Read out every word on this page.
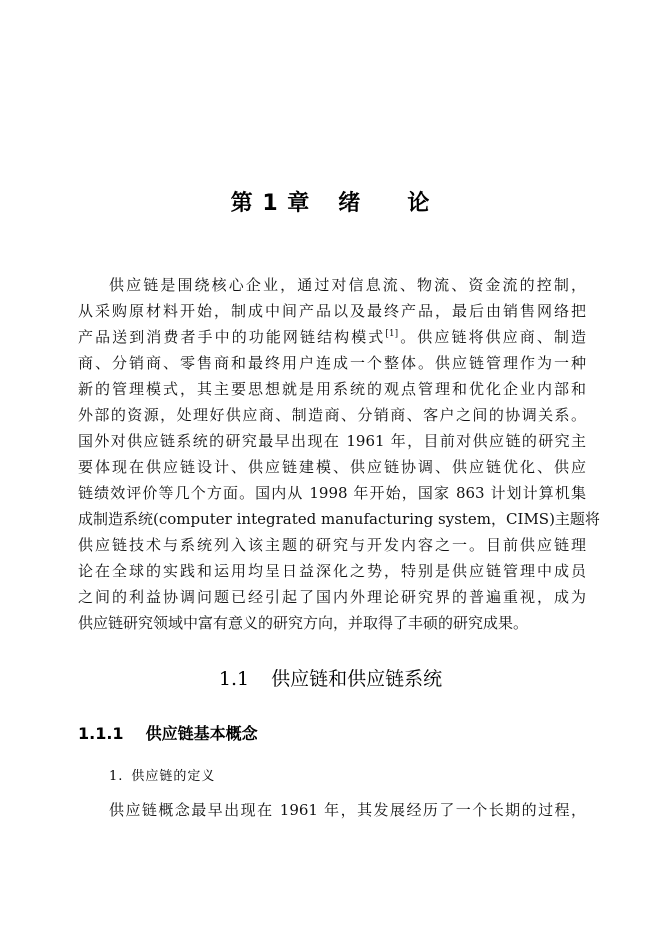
第 1 章 绪 论
供应链是围绕核心企业，通过对信息流、物流、资金流的控制，
从采购原材料开始，制成中间产品以及最终产品，最后由销售网络把
产品送到消费者手中的功能网链结构模式[1]。供应链将供应商、制造
商、分销商、零售商和最终用户连成一个整体。供应链管理作为一种
新的管理模式，其主要思想就是用系统的观点管理和优化企业内部和
外部的资源，处理好供应商、制造商、分销商、客户之间的协调关系。
国外对供应链系统的研究最早出现在 1961 年，目前对供应链的研究主
要体现在供应链设计、供应链建模、供应链协调、供应链优化、供应
链绩效评价等几个方面。国内从 1998 年开始，国家 863 计划计算机集
成制造系统(computer integrated manufacturing system，CIMS)主题将
供应链技术与系统列入该主题的研究与开发内容之一。目前供应链理
论在全球的实践和运用均呈日益深化之势，特别是供应链管理中成员
之间的利益协调问题已经引起了国内外理论研究界的普遍重视，成为
供应链研究领域中富有意义的研究方向，并取得了丰硕的研究成果。
1.1 供应链和供应链系统
1.1.1 供应链基本概念
1. 供应链的定义
供应链概念最早出现在 1961 年，其发展经历了一个长期的过程，
